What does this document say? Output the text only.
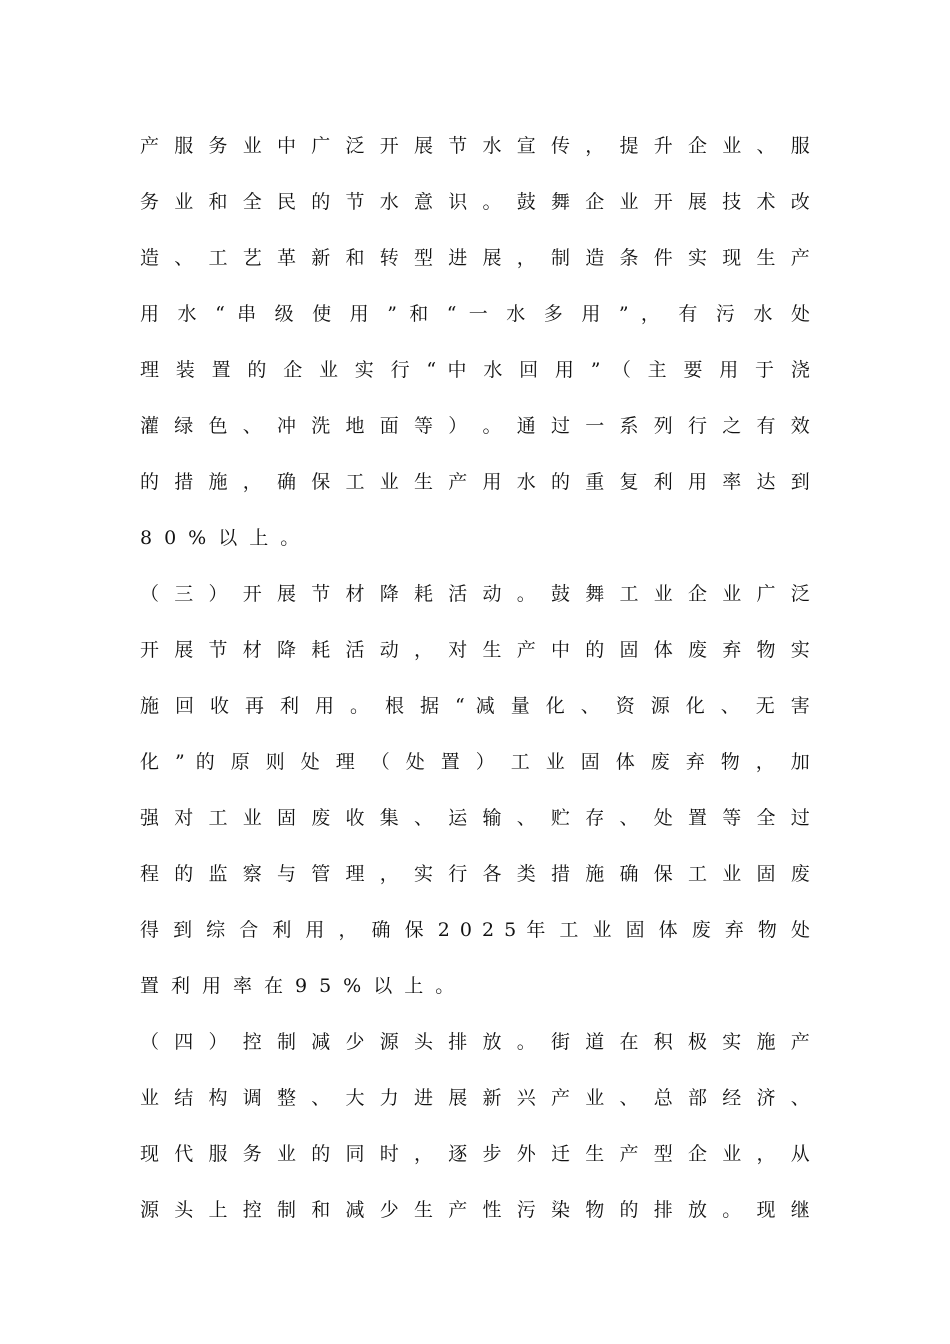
产 服 务 业 中 广 泛 开 展 节 水 宣 传 ， 提 升 企 业 、 服
务 业 和 全 民 的 节 水 意 识 。 鼓 舞 企 业 开 展 技 术 改
造 、 工 艺 革 新 和 转 型 进 展 ， 制 造 条 件 实 现 生 产
用 水 “ 串 级 使 用 ” 和 “ 一 水 多 用 ” ， 有 污 水 处
理 装 置 的 企 业 实 行 “ 中 水 回 用 ” （ 主 要 用 于 浇
灌 绿 色 、 冲 洗 地 面 等 ） 。 通 过 一 系 列 行 之 有 效
的 措 施 ， 确 保 工 业 生 产 用 水 的 重 复 利 用 率 达 到
80%以上。
（ 三 ） 开 展 节 材 降 耗 活 动 。 鼓 舞 工 业 企 业 广 泛
开 展 节 材 降 耗 活 动 ， 对 生 产 中 的 固 体 废 弃 物 实
施 回 收 再 利 用 。 根 据 “ 减 量 化 、 资 源 化 、 无 害
化 ” 的 原 则 处 理 （ 处 置 ） 工 业 固 体 废 弃 物 ， 加
强 对 工 业 固 废 收 集 、 运 输 、 贮 存 、 处 置 等 全 过
程 的 监 察 与 管 理 ， 实 行 各 类 措 施 确 保 工 业 固 废
得 到 综 合 利 用 ， 确 保 2 0 2 5 年 工 业 固 体 废 弃 物 处
置利用率在95%以上。
（ 四 ） 控 制 减 少 源 头 排 放 。 街 道 在 积 极 实 施 产
业 结 构 调 整 、 大 力 进 展 新 兴 产 业 、 总 部 经 济 、
现 代 服 务 业 的 同 时 ， 逐 步 外 迁 生 产 型 企 业 ， 从
源 头 上 控 制 和 减 少 生 产 性 污 染 物 的 排 放 。 现 继
